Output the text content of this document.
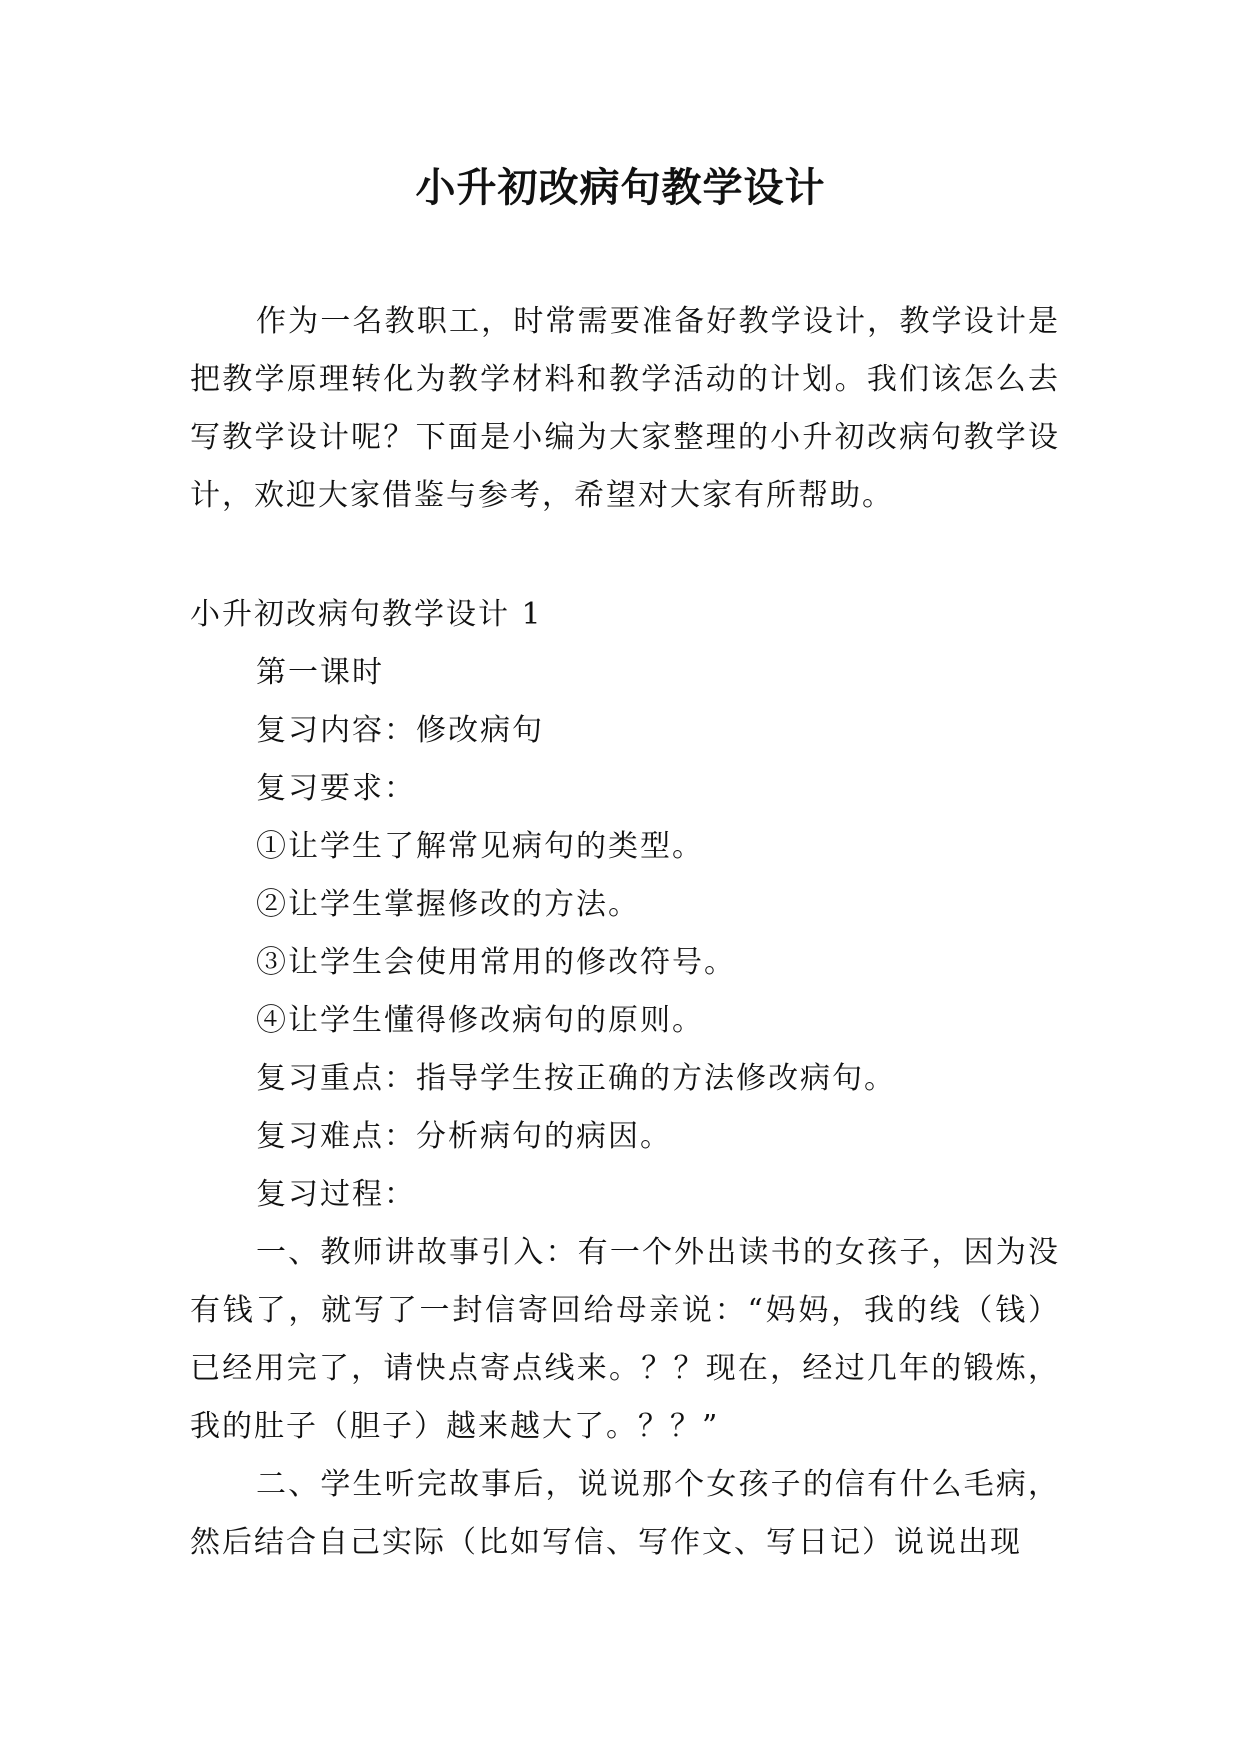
小升初改病句教学设计

作为一名教职工，时常需要准备好教学设计，教学设计是把教学原理转化为教学材料和教学活动的计划。我们该怎么去写教学设计呢？下面是小编为大家整理的小升初改病句教学设计，欢迎大家借鉴与参考，希望对大家有所帮助。

小升初改病句教学设计 1

第一课时

复习内容：修改病句

复习要求：

①让学生了解常见病句的类型。

②让学生掌握修改的方法。

③让学生会使用常用的修改符号。

④让学生懂得修改病句的原则。

复习重点：指导学生按正确的方法修改病句。

复习难点：分析病句的病因。

复习过程：

一、教师讲故事引入：有一个外出读书的女孩子，因为没有钱了，就写了一封信寄回给母亲说：“妈妈，我的线（钱）已经用完了，请快点寄点线来。？？现在，经过几年的锻炼，我的肚子（胆子）越来越大了。？？”

二、学生听完故事后，说说那个女孩子的信有什么毛病，然后结合自己实际（比如写信、写作文、写日记）说说出现
